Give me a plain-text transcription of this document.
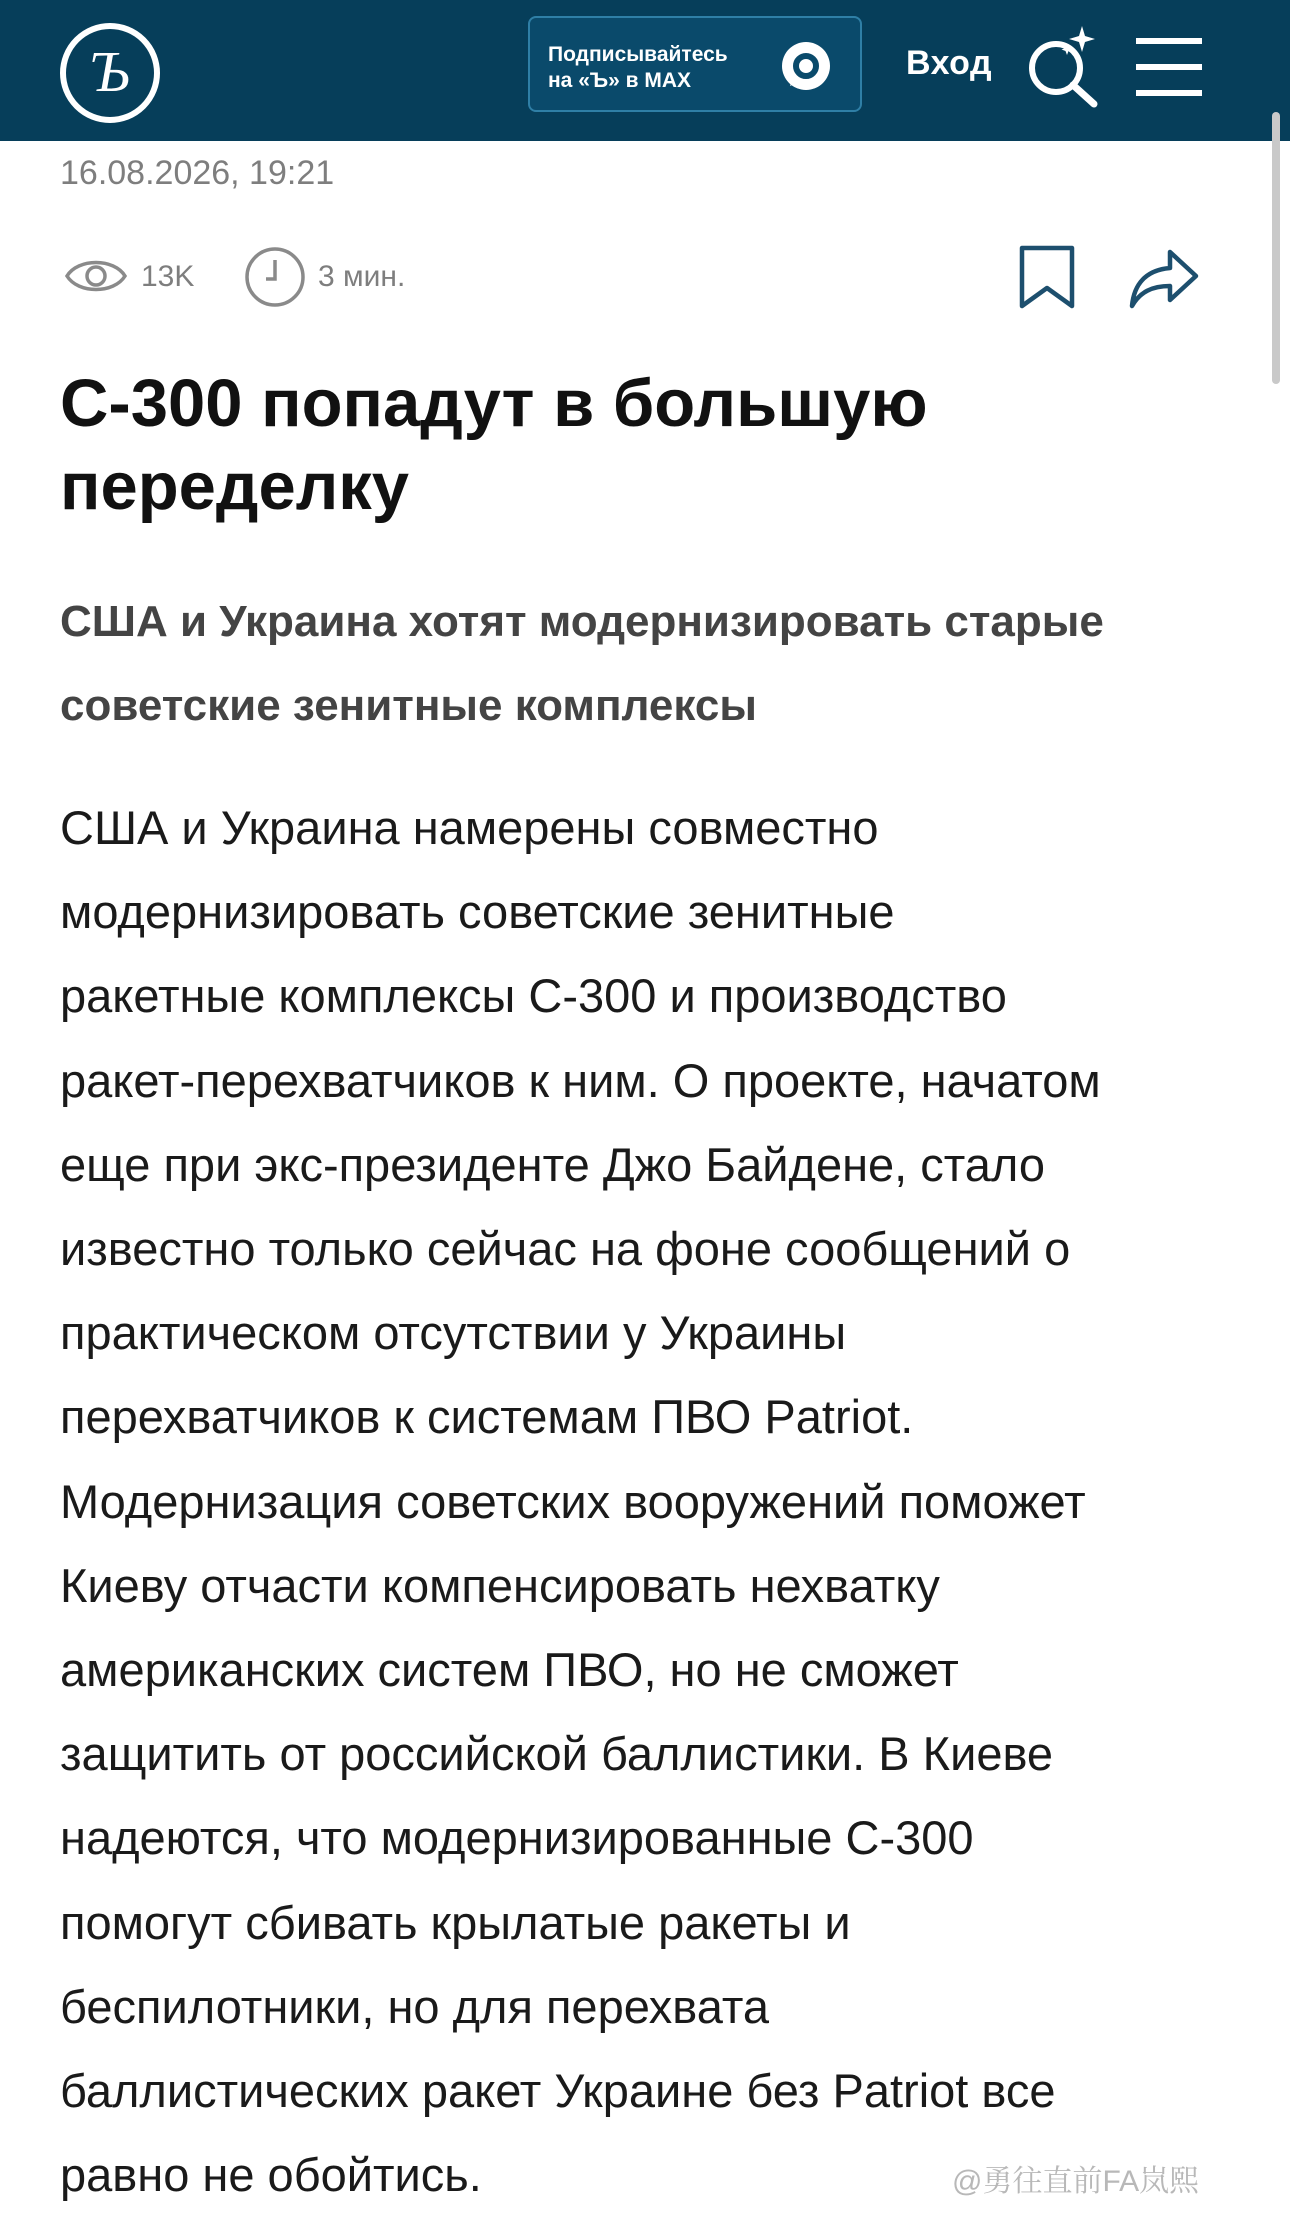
Ъ	Подписывайтесь
на «Ъ» в MAX	Вход
16.08.2026, 19:21
13K	3 мин.
С-300 попадут в большую переделку
США и Украина хотят модернизировать старые советские зенитные комплексы
США и Украина намерены совместно
модернизировать советские зенитные
ракетные комплексы С-300 и производство
ракет-перехватчиков к ним. О проекте, начатом
еще при экс-президенте Джо Байдене, стало
известно только сейчас на фоне сообщений о
практическом отсутствии у Украины
перехватчиков к системам ПВО Patriot.
Модернизация советских вооружений поможет
Киеву отчасти компенсировать нехватку
американских систем ПВО, но не сможет
защитить от российской баллистики. В Киеве
надеются, что модернизированные С-300
помогут сбивать крылатые ракеты и
беспилотники, но для перехвата
баллистических ракет Украине без Patriot все
равно не обойтись.	@勇往直前FA岚熙
